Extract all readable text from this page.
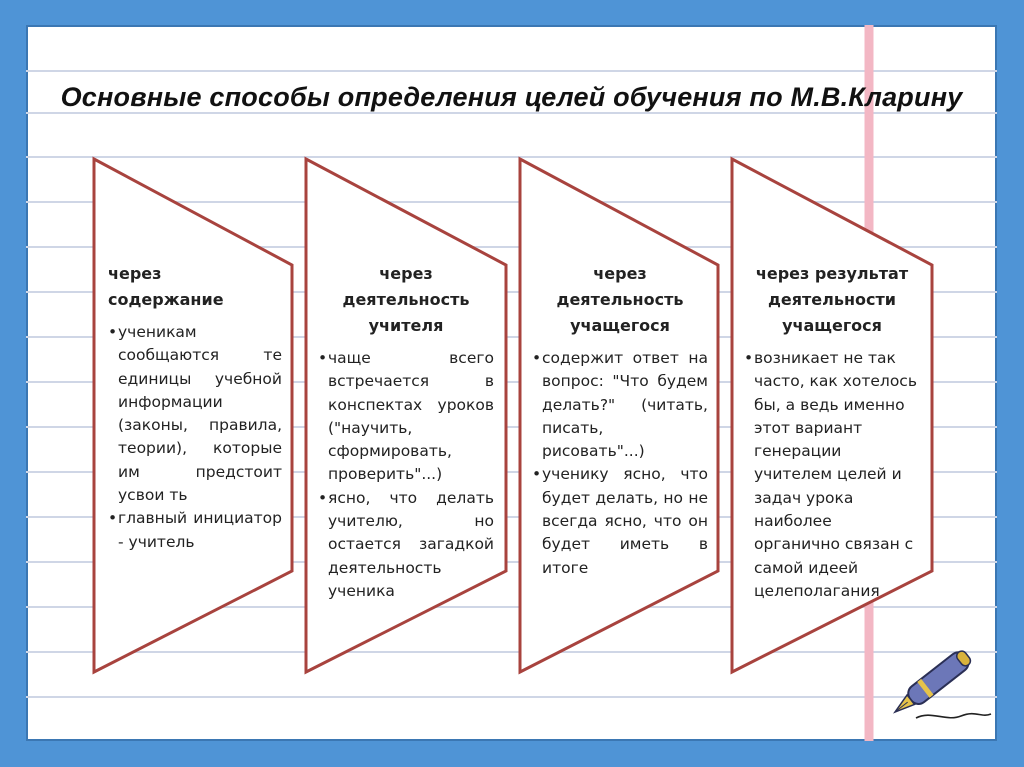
Основные способы определения целей обучения по М.В.Кларину
через содержание
• ученикам сообщаются те единицы учебной информации (законы, правила, теории), которые им предстоит усвои ть
• главный инициатор - учитель
через деятельность учителя
• чаще всего встречается в конспектах уроков ("научить, сформировать, проверить"...)
• ясно, что делать учителю, но остается загадкой деятельность ученика
через деятельность учащегося
• содержит ответ на вопрос: "Что будем делать?" (читать, писать, рисовать"...)
• ученику ясно, что будет делать, но не всегда ясно, что он будет иметь в итоге
через результат деятельности учащегося
• возникает не так часто, как хотелось бы, а ведь именно этот вариант генерации учителем целей и задач урока наиболее органично связан с самой идеей целеполагания
